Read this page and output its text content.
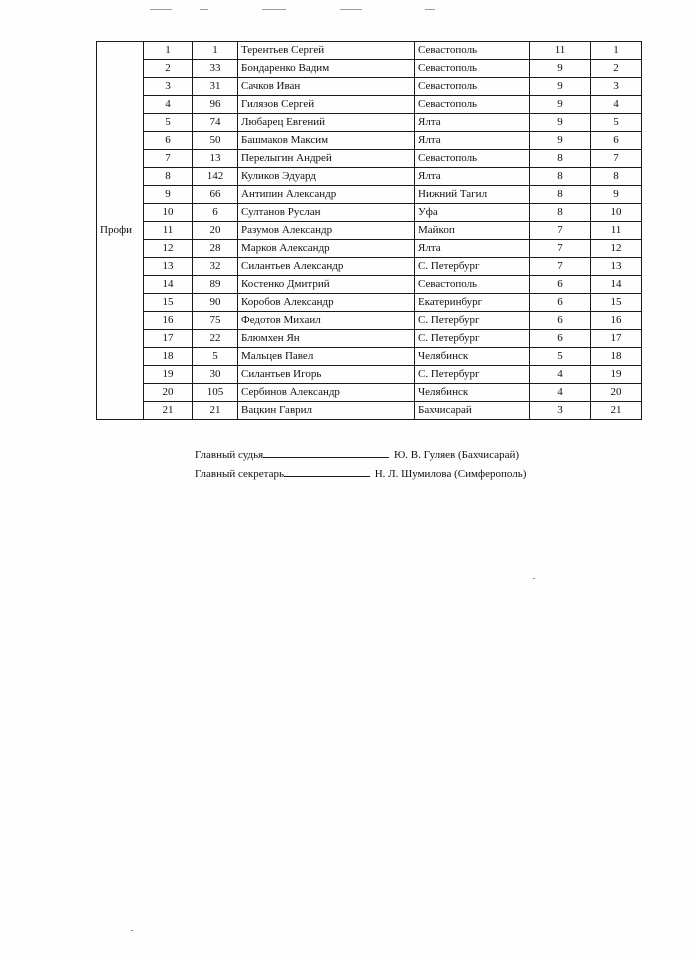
Профи	1	1	Терентьев Сергей	Севастополь	11	1
	2	33	Бондаренко Вадим	Севастополь	9	2
	3	31	Сачков Иван	Севастополь	9	3
	4	96	Гилязов Сергей	Севастополь	9	4
	5	74	Любарец Евгений	Ялта	9	5
	6	50	Башмаков Максим	Ялта	9	6
	7	13	Перелыгин Андрей	Севастополь	8	7
	8	142	Куликов Эдуард	Ялта	8	8
	9	66	Антипин Александр	Нижний Тагил	8	9
	10	6	Султанов Руслан	Уфа	8	10
	11	20	Разумов Александр	Майкоп	7	11
	12	28	Марков Александр	Ялта	7	12
	13	32	Силантьев Александр	С. Петербург	7	13
	14	89	Костенко Дмитрий	Севастополь	6	14
	15	90	Коробов Александр	Екатеринбург	6	15
	16	75	Федотов Михаил	С. Петербург	6	16
	17	22	Блюмхен Ян	С. Петербург	6	17
	18	5	Мальцев Павел	Челябинск	5	18
	19	30	Силантьев Игорь	С. Петербург	4	19
	20	105	Сербинов Александр	Челябинск	4	20
	21	21	Вацкин Гаврил	Бахчисарай	3	21
Главный судья	Ю. В. Гуляев (Бахчисарай)
Главный секретарь	Н. Л. Шумилова (Симферополь)
